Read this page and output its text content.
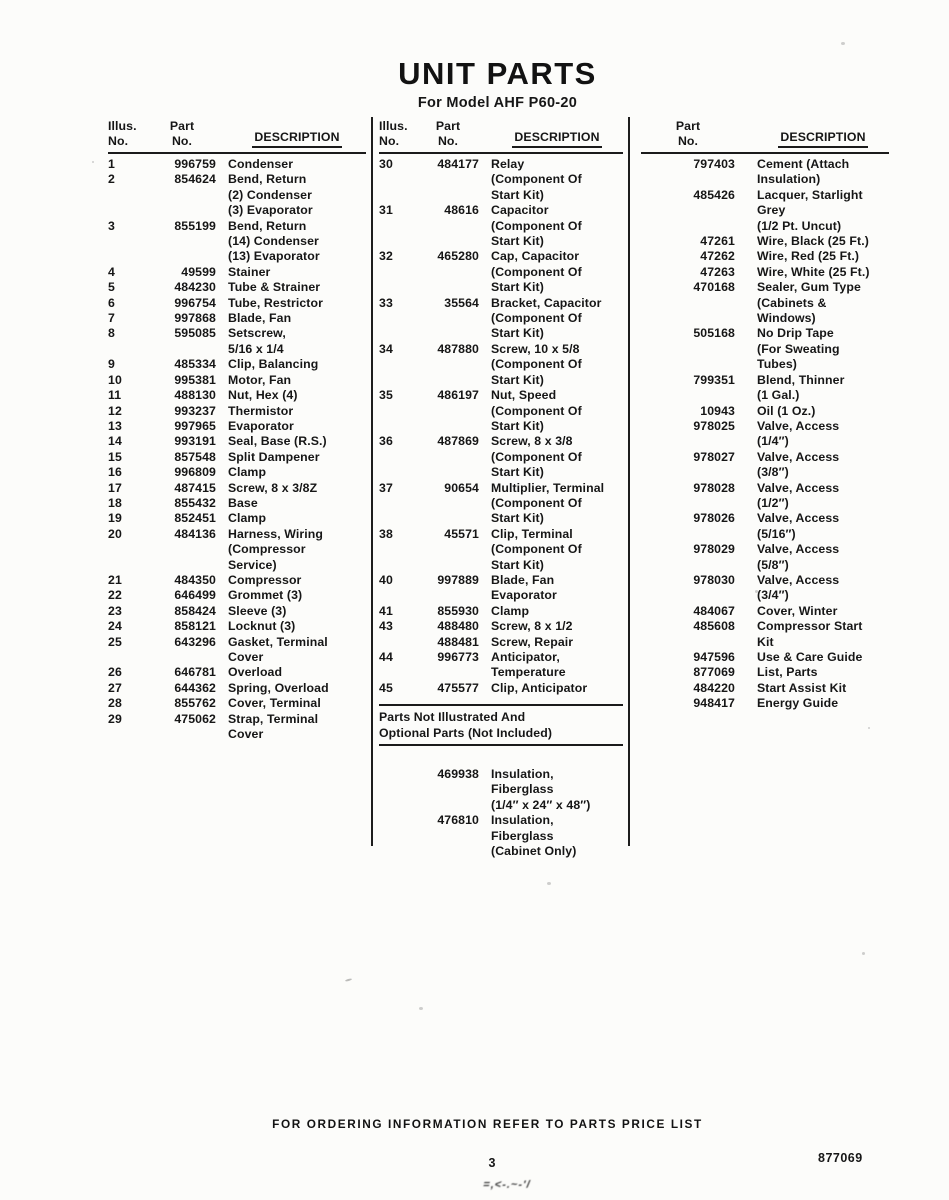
UNIT PARTS
For Model AHF P60-20
Illus.
No.
Part
No.	DESCRIPTION
1	996759 Condenser
2	854624 Bend, Return
(2) Condenser
(3) Evaporator
3	855199 Bend, Return
(14) Condenser
(13) Evaporator
4	49599 Stainer
5	484230 Tube & Strainer
6	996754 Tube, Restrictor
7	997868 Blade, Fan
8	595085 Setscrew,
5/16 x 1/4
9	485334 Clip, Balancing
10	995381 Motor, Fan
11	488130 Nut, Hex (4)
12	993237 Thermistor
13	997965 Evaporator
14	993191 Seal, Base (R.S.)
15	857548 Split Dampener
16	996809 Clamp
17	487415 Screw, 8 x 3/8Z
18	855432 Base
19	852451 Clamp
20	484136 Harness, Wiring
(Compressor
Service)
21	484350 Compressor
22	646499 Grommet (3)
23	858424 Sleeve (3)
24	858121 Locknut (3)
25	643296 Gasket, Terminal
Cover
26	646781 Overload
27	644362 Spring, Overload
28	855762 Cover, Terminal
29	475062 Strap, Terminal
Cover
Illus.
No.
Part
No.	DESCRIPTION
30	484177 Relay
(Component Of
Start Kit)
31	48616 Capacitor
(Component Of
Start Kit)
32	465280 Cap, Capacitor
(Component Of
Start Kit)
33	35564 Bracket, Capacitor
(Component Of
Start Kit)
34	487880 Screw, 10 x 5/8
(Component Of
Start Kit)
35	486197 Nut, Speed
(Component Of
Start Kit)
36	487869 Screw, 8 x 3/8
(Component Of
Start Kit)
37	90654 Multiplier, Terminal
(Component Of
Start Kit)
38	45571 Clip, Terminal
(Component Of
Start Kit)
40	997889 Blade, Fan
Evaporator
41	855930 Clamp
43	488480 Screw, 8 x 1/2
488481 Screw, Repair
44	996773 Anticipator,
Temperature
45	475577 Clip, Anticipator
Parts Not Illustrated And
Optional Parts (Not Included)
469938 Insulation,
Fiberglass
(1/4″ x 24″ x 48″)
476810 Insulation,
Fiberglass
(Cabinet Only)
Part
No.	DESCRIPTION
797403 Cement (Attach
Insulation)
485426 Lacquer, Starlight
Grey
(1/2 Pt. Uncut)
47261 Wire, Black (25 Ft.)
47262 Wire, Red (25 Ft.)
47263 Wire, White (25 Ft.)
470168 Sealer, Gum Type
(Cabinets &
Windows)
505168 No Drip Tape
(For Sweating
Tubes)
799351 Blend, Thinner
(1 Gal.)
10943 Oil (1 Oz.)
978025 Valve, Access
(1/4″)
978027 Valve, Access
(3/8″)
978028 Valve, Access
(1/2″)
978026 Valve, Access
(5/16″)
978029 Valve, Access
(5/8″)
978030 Valve, Access
(3/4″)
484067 Cover, Winter
485608 Compressor Start
Kit
947596 Use & Care Guide
877069 List, Parts
484220 Start Assist Kit
948417 Energy Guide
FOR ORDERING INFORMATION REFER TO PARTS PRICE LIST
3	877069
=,<-.~-'/
